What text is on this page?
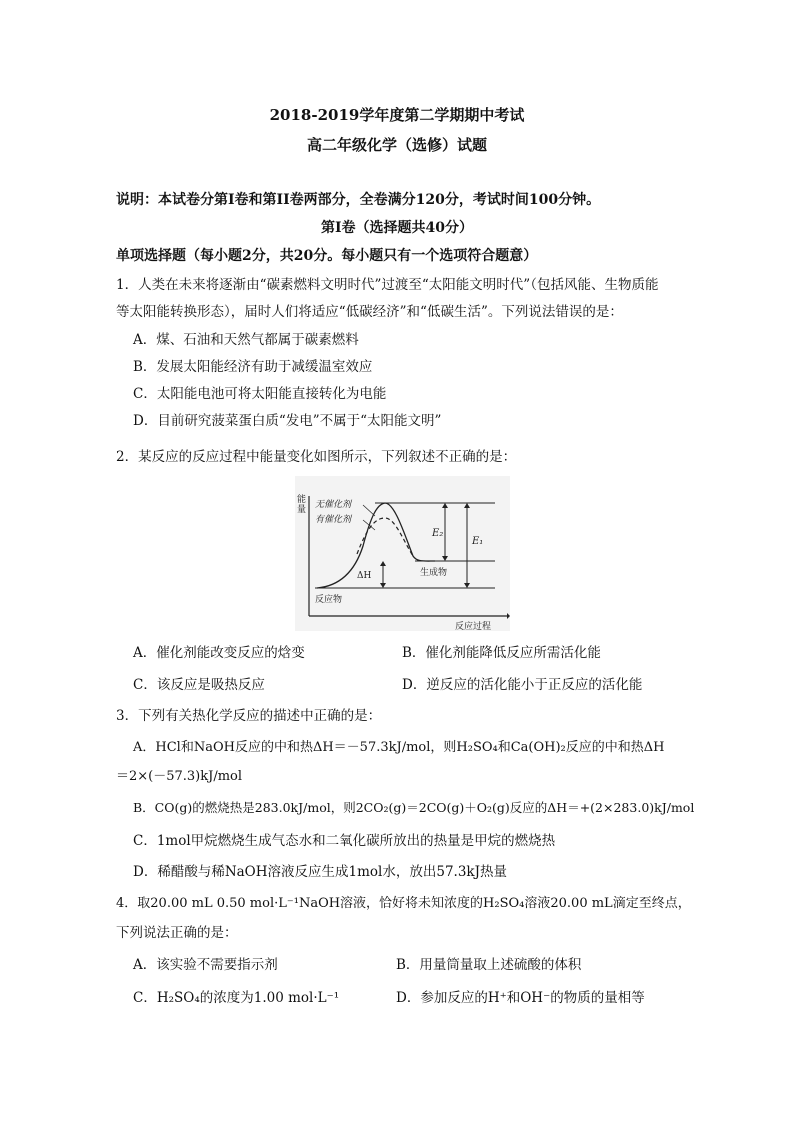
2018-2019学年度第二学期期中考试
高二年级化学（选修）试题
说明：本试卷分第I卷和第II卷两部分，全卷满分120分，考试时间100分钟。
第I卷（选择题共40分）
单项选择题（每小题2分，共20分。每小题只有一个选项符合题意）
1．人类在未来将逐渐由“碳素燃料文明时代”过渡至“太阳能文明时代”（包括风能、生物质能
等太阳能转换形态），届时人们将适应“低碳经济”和“低碳生活”。下列说法错误的是：
A．煤、石油和天然气都属于碳素燃料
B．发展太阳能经济有助于减缓温室效应
C．太阳能电池可将太阳能直接转化为电能
D．目前研究菠菜蛋白质“发电”不属于“太阳能文明”
2．某反应的反应过程中能量变化如图所示，下列叙述不正确的是：
能
量 无催化剂
有催化剂
E₂
E₁
ΔH	生成物
反应物
反应过程
A．催化剂能改变反应的焓变	B．催化剂能降低反应所需活化能
C．该反应是吸热反应	D．逆反应的活化能小于正反应的活化能
3．下列有关热化学反应的描述中正确的是：
A．HCl和NaOH反应的中和热ΔH＝－57.3kJ/mol，则H₂SO₄和Ca(OH)₂反应的中和热ΔH
＝2×(－57.3)kJ/mol
B．CO(g)的燃烧热是283.0kJ/mol，则2CO₂(g)＝2CO(g)＋O₂(g)反应的ΔH＝+(2×283.0)kJ/mol
C．1mol甲烷燃烧生成气态水和二氧化碳所放出的热量是甲烷的燃烧热
D．稀醋酸与稀NaOH溶液反应生成1mol水，放出57.3kJ热量
4．取20.00 mL 0.50 mol·L⁻¹NaOH溶液，恰好将未知浓度的H₂SO₄溶液20.00 mL滴定至终点，
下列说法正确的是：
A．该实验不需要指示剂	B．用量筒量取上述硫酸的体积
C．H₂SO₄的浓度为1.00 mol·L⁻¹	D．参加反应的H⁺和OH⁻的物质的量相等
